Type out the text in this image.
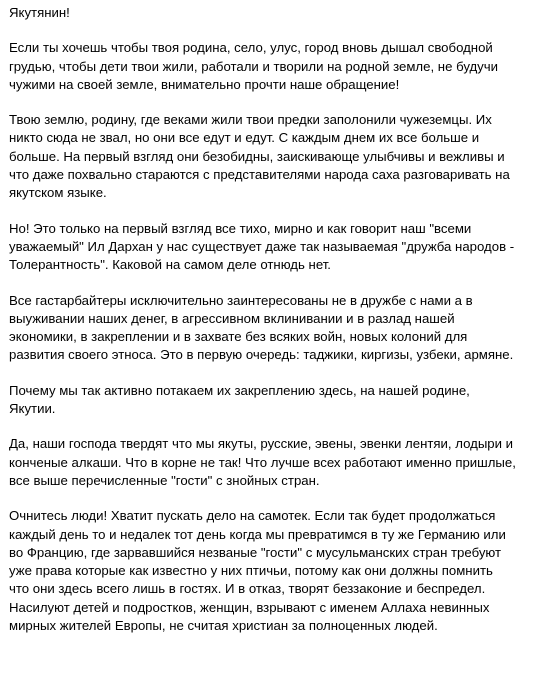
Якутянин!
Если ты хочешь чтобы твоя родина, село, улус, город вновь дышал свободной
грудью, чтобы дети твои жили, работали и творили на родной земле, не будучи
чужими на своей земле, внимательно прочти наше обращение!
Твою землю, родину, где веками жили твои предки заполонили чужеземцы. Их
никто сюда не звал, но они все едут и едут. С каждым днем их все больше и
больше. На первый взгляд они безобидны, заискивающе улыбчивы и вежливы и
что даже похвально стараются с представителями народа саха разговаривать на
якутском языке.
Но! Это только на первый взгляд все тихо, мирно и как говорит наш "всеми
уважаемый" Ил Дархан у нас существует даже так называемая "дружба народов -
Толерантность". Каковой на самом деле отнюдь нет.
Все гастарбайтеры исключительно заинтересованы не в дружбе с нами а в
выуживании наших денег, в агрессивном вклинивании и в разлад нашей
экономики, в закреплении и в захвате без всяких войн, новых колоний для
развития своего этноса. Это в первую очередь: таджики, киргизы, узбеки, армяне.
Почему мы так активно потакаем их закреплению здесь, на нашей родине,
Якутии.
Да, наши господа твердят что мы якуты, русские, эвены, эвенки лентяи, лодыри и
конченые алкаши. Что в корне не так! Что лучше всех работают именно пришлые,
все выше перечисленные "гости" с знойных стран.
Очнитесь люди! Хватит пускать дело на самотек. Если так будет продолжаться
каждый день то и недалек тот день когда мы превратимся в ту же Германию или
во Францию, где зарвавшийся незваные "гости" с мусульманских стран требуют
уже права которые как известно у них птичьи, потому как они должны помнить
что они здесь всего лишь в гостях. И в отказ, творят беззаконие и беспредел.
Насилуют детей и подростков, женщин, взрывают с именем Аллаха невинных
мирных жителей Европы, не считая христиан за полноценных людей.
